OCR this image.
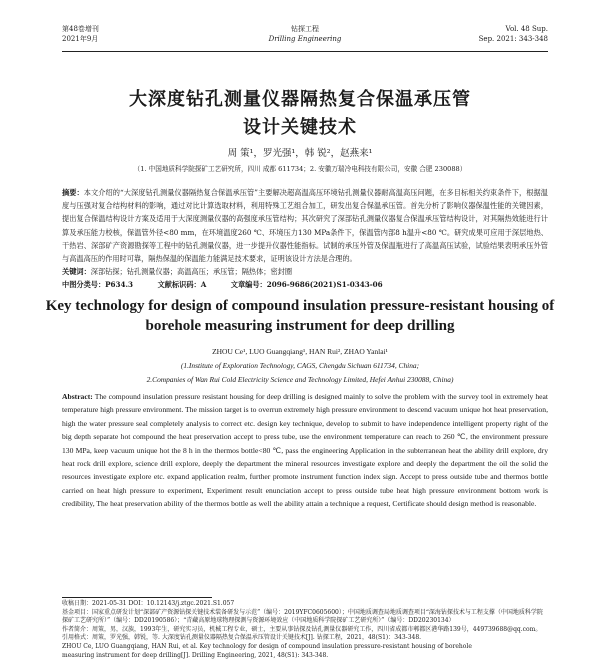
第48卷增刊
2021年9月
钻探工程
Drilling Engineering
Vol. 48 Sup.
Sep. 2021: 343-348
大深度钻孔测量仪器隔热复合保温承压管
设计关键技术
周 策¹，罗光强¹，韩 锐²，赵燕来¹
（1. 中国地质科学院探矿工艺研究所，四川 成都 611734；2. 安徽万瑞冷电科技有限公司，安徽 合肥 230088）
摘要：本文介绍的“大深度钻孔测量仪器隔热复合保温承压管”主要解决超高温高压环境钻孔测量仪器耐高温高压问题，在多目标相关约束条件下，根据温度与压强对复合结构材料的影响，通过对比计算选取材料，利用特殊工艺组合加工，研发出复合保温承压管。首先分析了影响仪器保温性能的关键因素，提出复合保温结构设计方案及适用于大深度测量仪器的高强度承压管结构；其次研究了深部钻孔测量仪器复合保温承压管结构设计，对其隔热效能进行计算及承压能力校核，保温管外径<80 mm，在环境温度260 ℃、环境压力130 MPa条件下，保温管内部8 h温升<80 ℃。研究成果可应用于深层地热、干热岩、深部矿产资源勘探等工程中的钻孔测量仪器，进一步提升仪器性能指标。试制的承压外管及保温瓶进行了高温高压试验，试验结果表明承压外管与高温高压的作用时可靠，隔热保温的保温能力能满足技术要求，证明该设计方法是合理的。
关键词：深部钻探；钻孔测量仪器；高温高压；承压管；隔热体；密封圈
中图分类号：P634.3	文献标识码：A	文章编号：2096-9686(2021)S1-0343-06
Key technology for design of compound insulation pressure-resistant housing of borehole measuring instrument for deep drilling
ZHOU Ce¹, LUO Guangqiang¹, HAN Rui², ZHAO Yanlai¹
(1.Institute of Exploration Technology, CAGS, Chengdu Sichuan 611734, China;
2.Companies of Wan Rui Cold Electricity Science and Technology Limited, Hefei Anhui 230088, China)
Abstract: The compound insulation pressure resistant housing for deep drilling is designed mainly to solve the problem with the survey tool in extremely heat temperature high pressure environment. The mission target is to overrun extremely high pressure environment to descend vacuum unique hot heat preservation, high the water pressure seal completely analysis to correct etc. design key technique, develop to submit to have independence intelligent property right of the big depth separate hot compound the heat preservation accept to press tube, use the environment temperature can reach to 260 ℃, the environment pressure 130 MPa, keep vacuum unique hot the 8 h in the thermos bottle<80 ℃, pass the engineering Application in the subterranean heat the ability drill explore, dry heat rock drill explore, science drill explore, deeply the department the mineral resources investigate explore and deeply the department the oil the solid the resources investigate explore etc. expand application realm, further promote instrument function index sign. Accept to press outside tube and thermos bottle carried on heat high pressure to experiment, Experiment result enunciation accept to press outside tube heat high pressure environment bottom work is credibility, The heat preservation ability of the thermos bottle as well the ability attain a technique a request, Certificate should design method is reasonable.

收稿日期：2021-05-31 DOI：10.12143/j.ztgc.2021.S1.057

基金项目：国家重点研发计划“深部矿产资源钻探关键技术装备研发与示范”（编号：2019YFC0605600）；中国地质调查局地质调查项目“深海钻探技术与工程支撑（中国地质科学院探矿工艺研究所）”（编号：DD20190586）；“青藏高原地球物理探测与资源环境效应（中国地质科学院探矿工艺研究所）”（编号：DD20230134）

作者简介：周策，男，汉族，1993年生，研究实习员，机械工程专业，硕士，主要从事钻探及钻孔测量仪器研究工作，四川省成都市郫都区港华路139号，449739688@qq.com。

引用格式：周策，罗光强，韩锐，等. 大深度钻孔测量仪器隔热复合保温承压管设计关键技术[J]. 钻探工程，2021，48(S1)：343-348.

ZHOU Ce, LUO Guangqiang, HAN Rui, et al. Key technology for design of compound insulation pressure-resistant housing of borehole

measuring instrument for deep drilling[J]. Drilling Engineering, 2021, 48(S1): 343-348.
